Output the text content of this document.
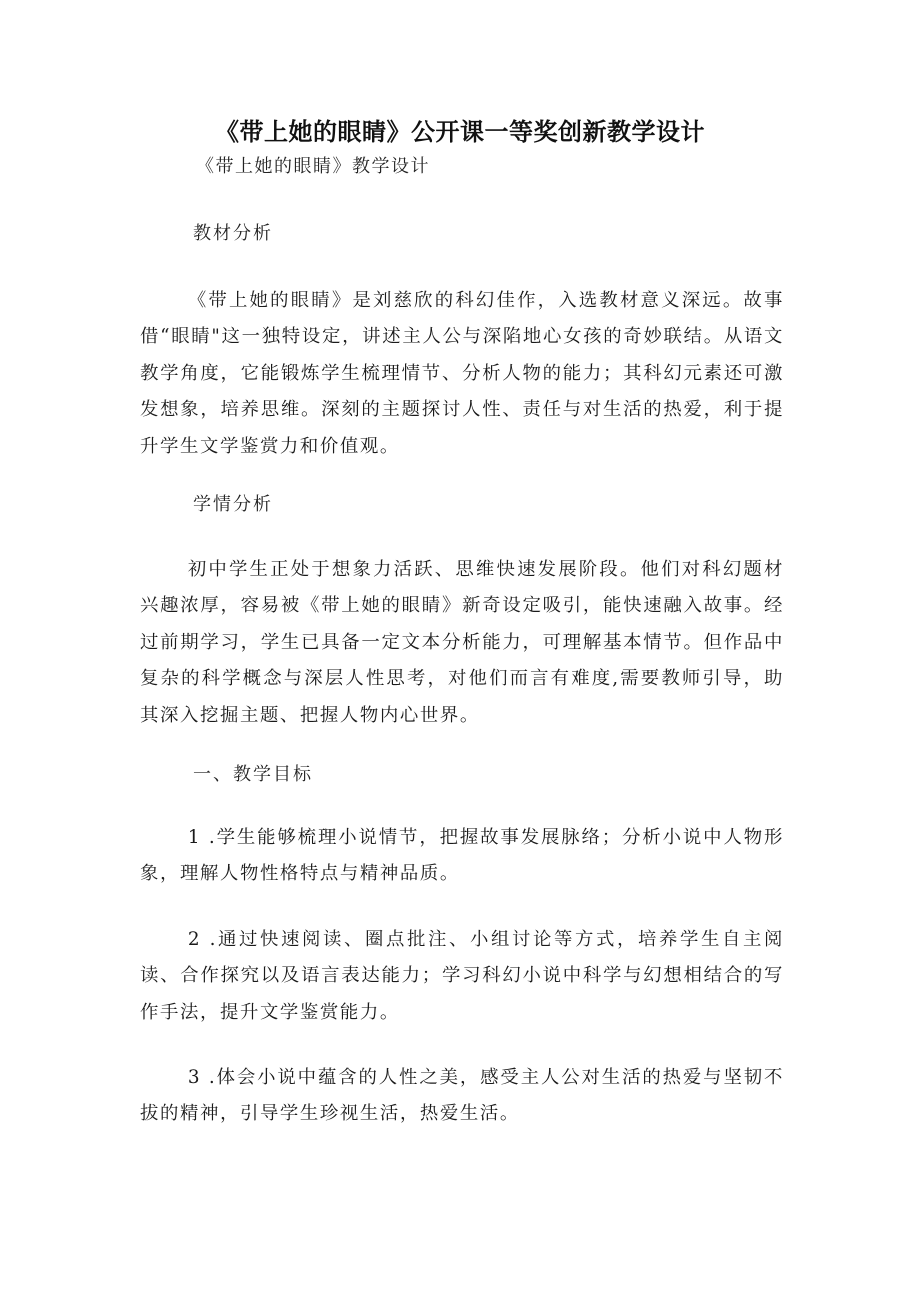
《带上她的眼睛》公开课一等奖创新教学设计
《带上她的眼睛》教学设计
教材分析
《带上她的眼睛》是刘慈欣的科幻佳作，入选教材意义深远。故事借“眼睛"这一独特设定，讲述主人公与深陷地心女孩的奇妙联结。从语文教学角度，它能锻炼学生梳理情节、分析人物的能力；其科幻元素还可激发想象，培养思维。深刻的主题探讨人性、责任与对生活的热爱，利于提升学生文学鉴赏力和价值观。
学情分析
初中学生正处于想象力活跃、思维快速发展阶段。他们对科幻题材兴趣浓厚，容易被《带上她的眼睛》新奇设定吸引，能快速融入故事。经过前期学习，学生已具备一定文本分析能力，可理解基本情节。但作品中复杂的科学概念与深层人性思考，对他们而言有难度,需要教师引导，助其深入挖掘主题、把握人物内心世界。
一、教学目标
1 .学生能够梳理小说情节，把握故事发展脉络；分析小说中人物形象，理解人物性格特点与精神品质。
2 .通过快速阅读、圈点批注、小组讨论等方式，培养学生自主阅读、合作探究以及语言表达能力；学习科幻小说中科学与幻想相结合的写作手法，提升文学鉴赏能力。
3 .体会小说中蕴含的人性之美，感受主人公对生活的热爱与坚韧不拔的精神，引导学生珍视生活，热爱生活。
